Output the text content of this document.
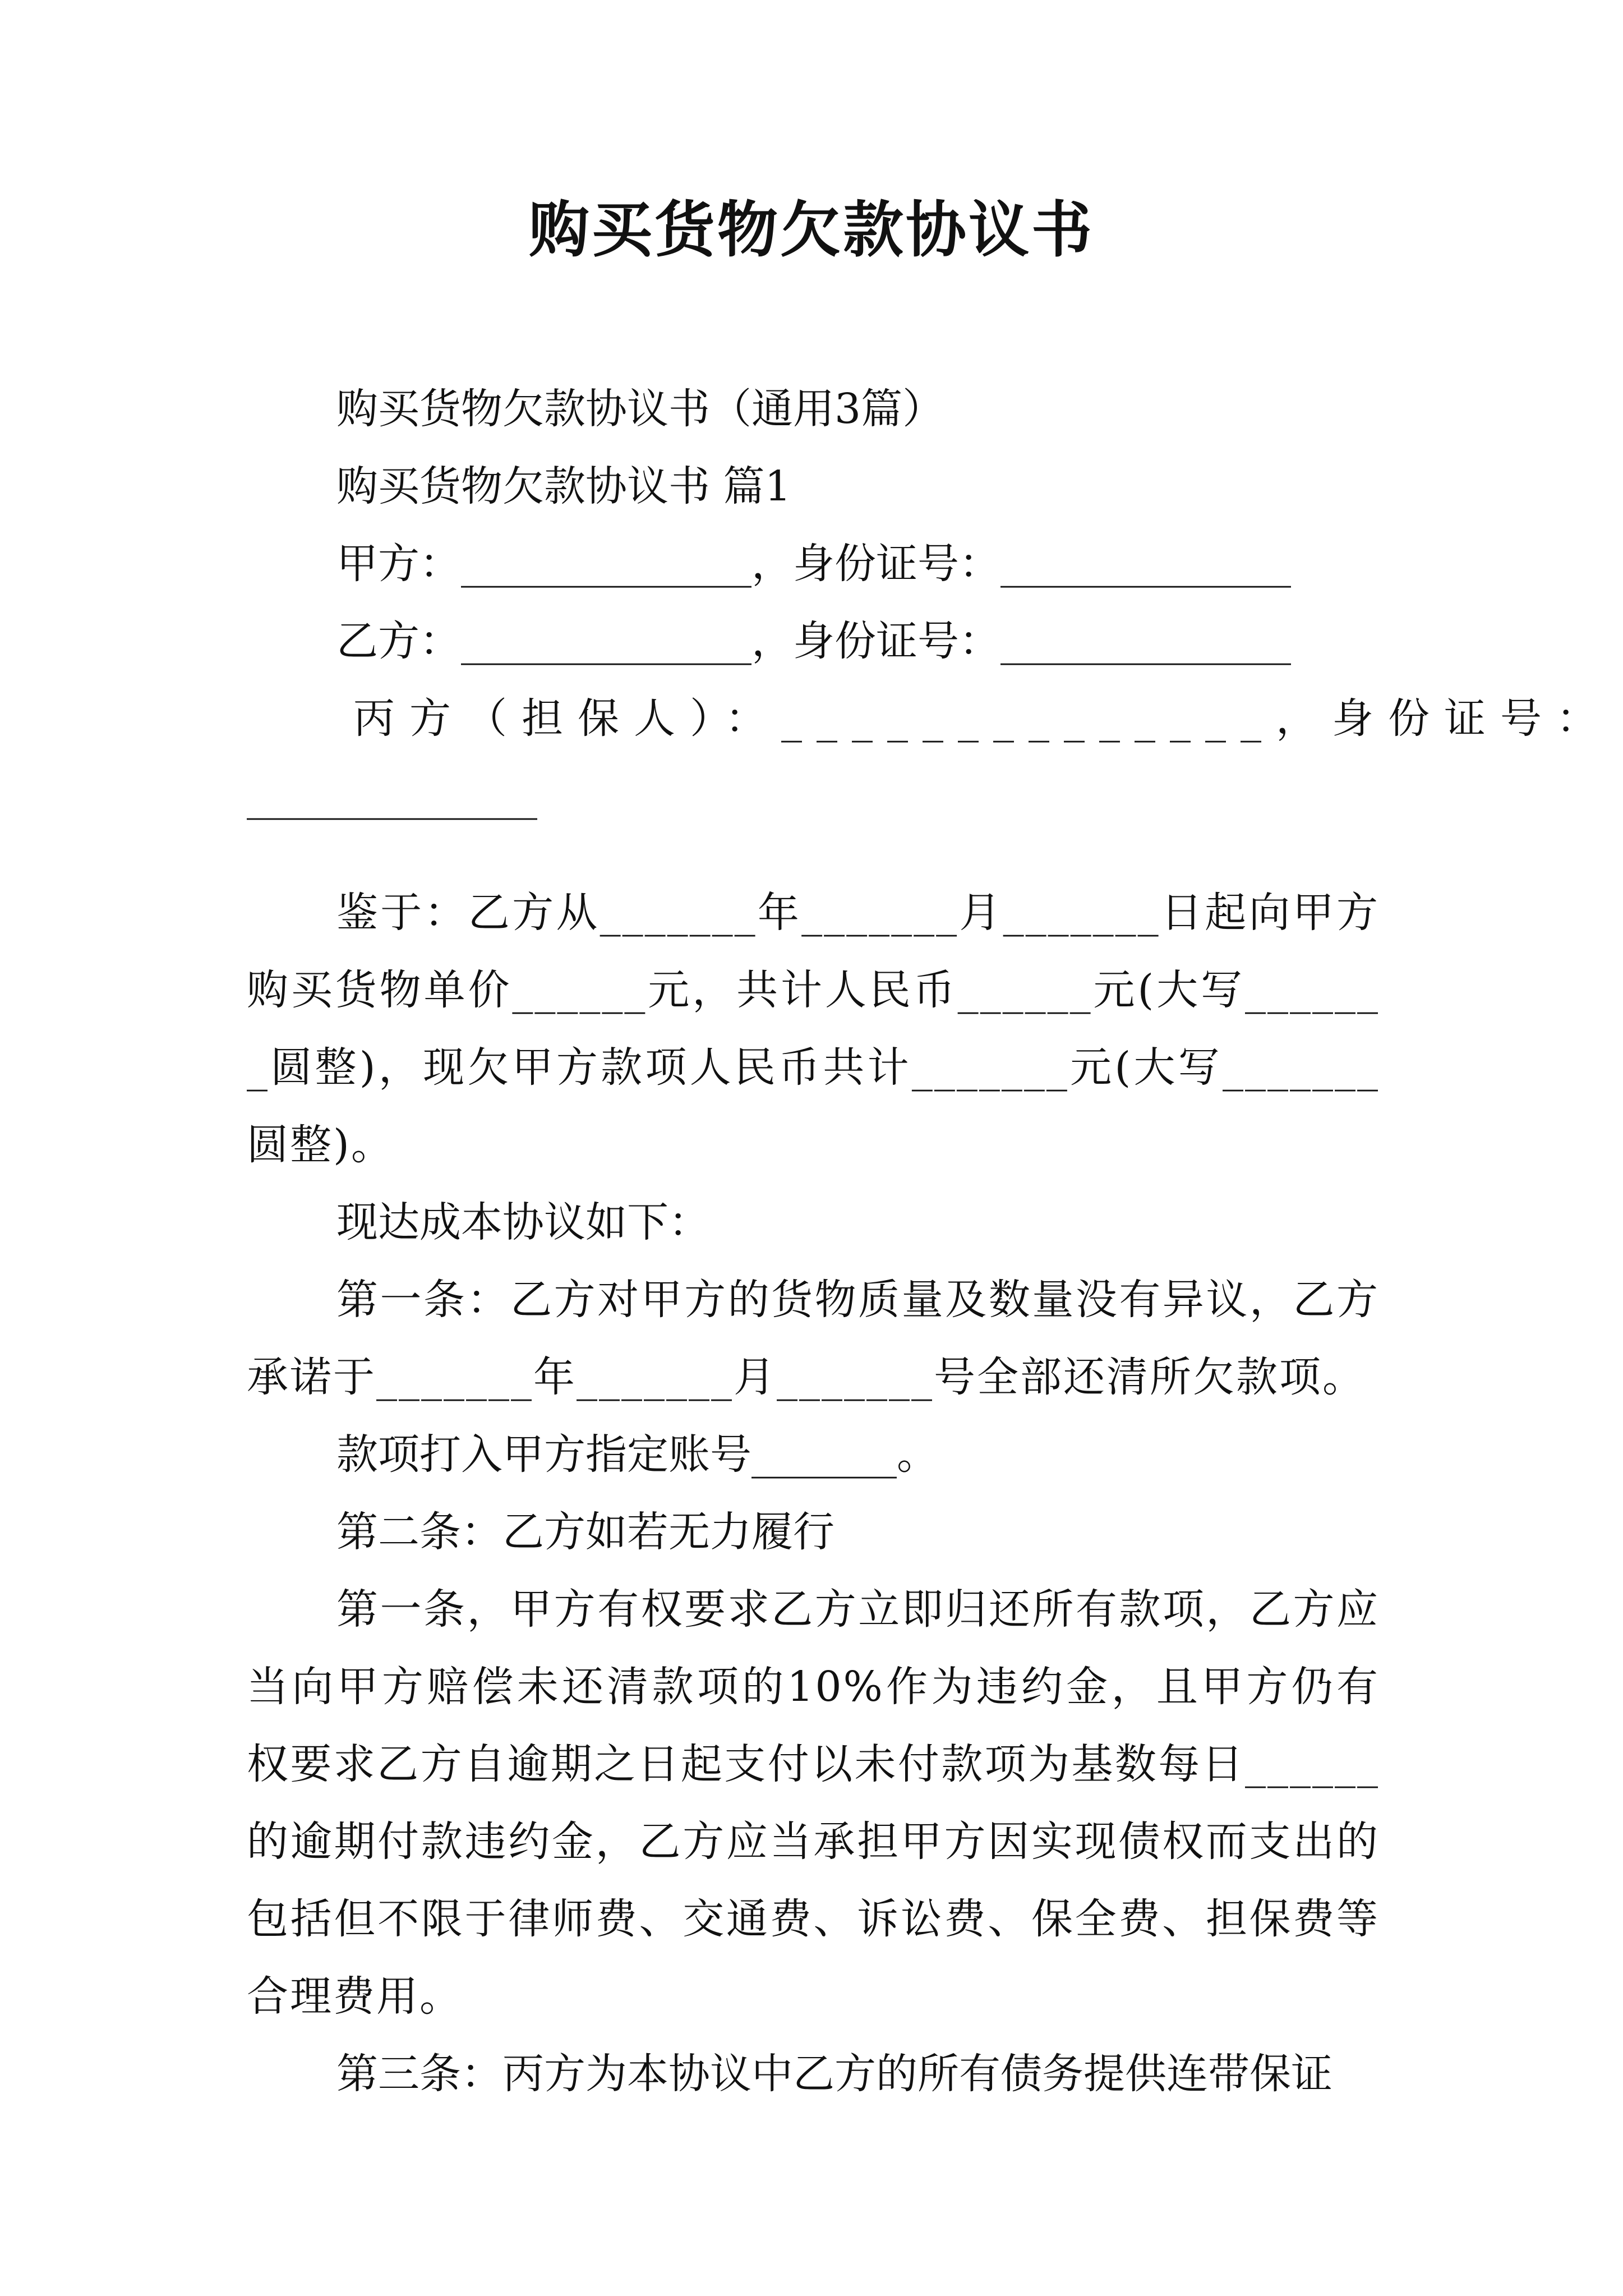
购买货物欠款协议书

购买货物欠款协议书（通用3篇）

购买货物欠款协议书 篇1

甲方：______________，身份证号：______________

乙方：______________，身份证号：______________

丙方（担保人）：______________，身份证号：

______________

鉴于：乙方从_______年_______月_______日起向甲方购买货物单价______元，共计人民币______元(大写_______圆整)，现欠甲方款项人民币共计_______元(大写_______圆整)。

现达成本协议如下：

第一条：乙方对甲方的货物质量及数量没有异议，乙方承诺于_______年_______月_______号全部还清所欠款项。

款项打入甲方指定账号_______。

第二条：乙方如若无力履行

第一条，甲方有权要求乙方立即归还所有款项，乙方应当向甲方赔偿未还清款项的10%作为违约金，且甲方仍有权要求乙方自逾期之日起支付以未付款项为基数每日______的逾期付款违约金，乙方应当承担甲方因实现债权而支出的包括但不限于律师费、交通费、诉讼费、保全费、担保费等合理费用。

第三条：丙方为本协议中乙方的所有债务提供连带保证
